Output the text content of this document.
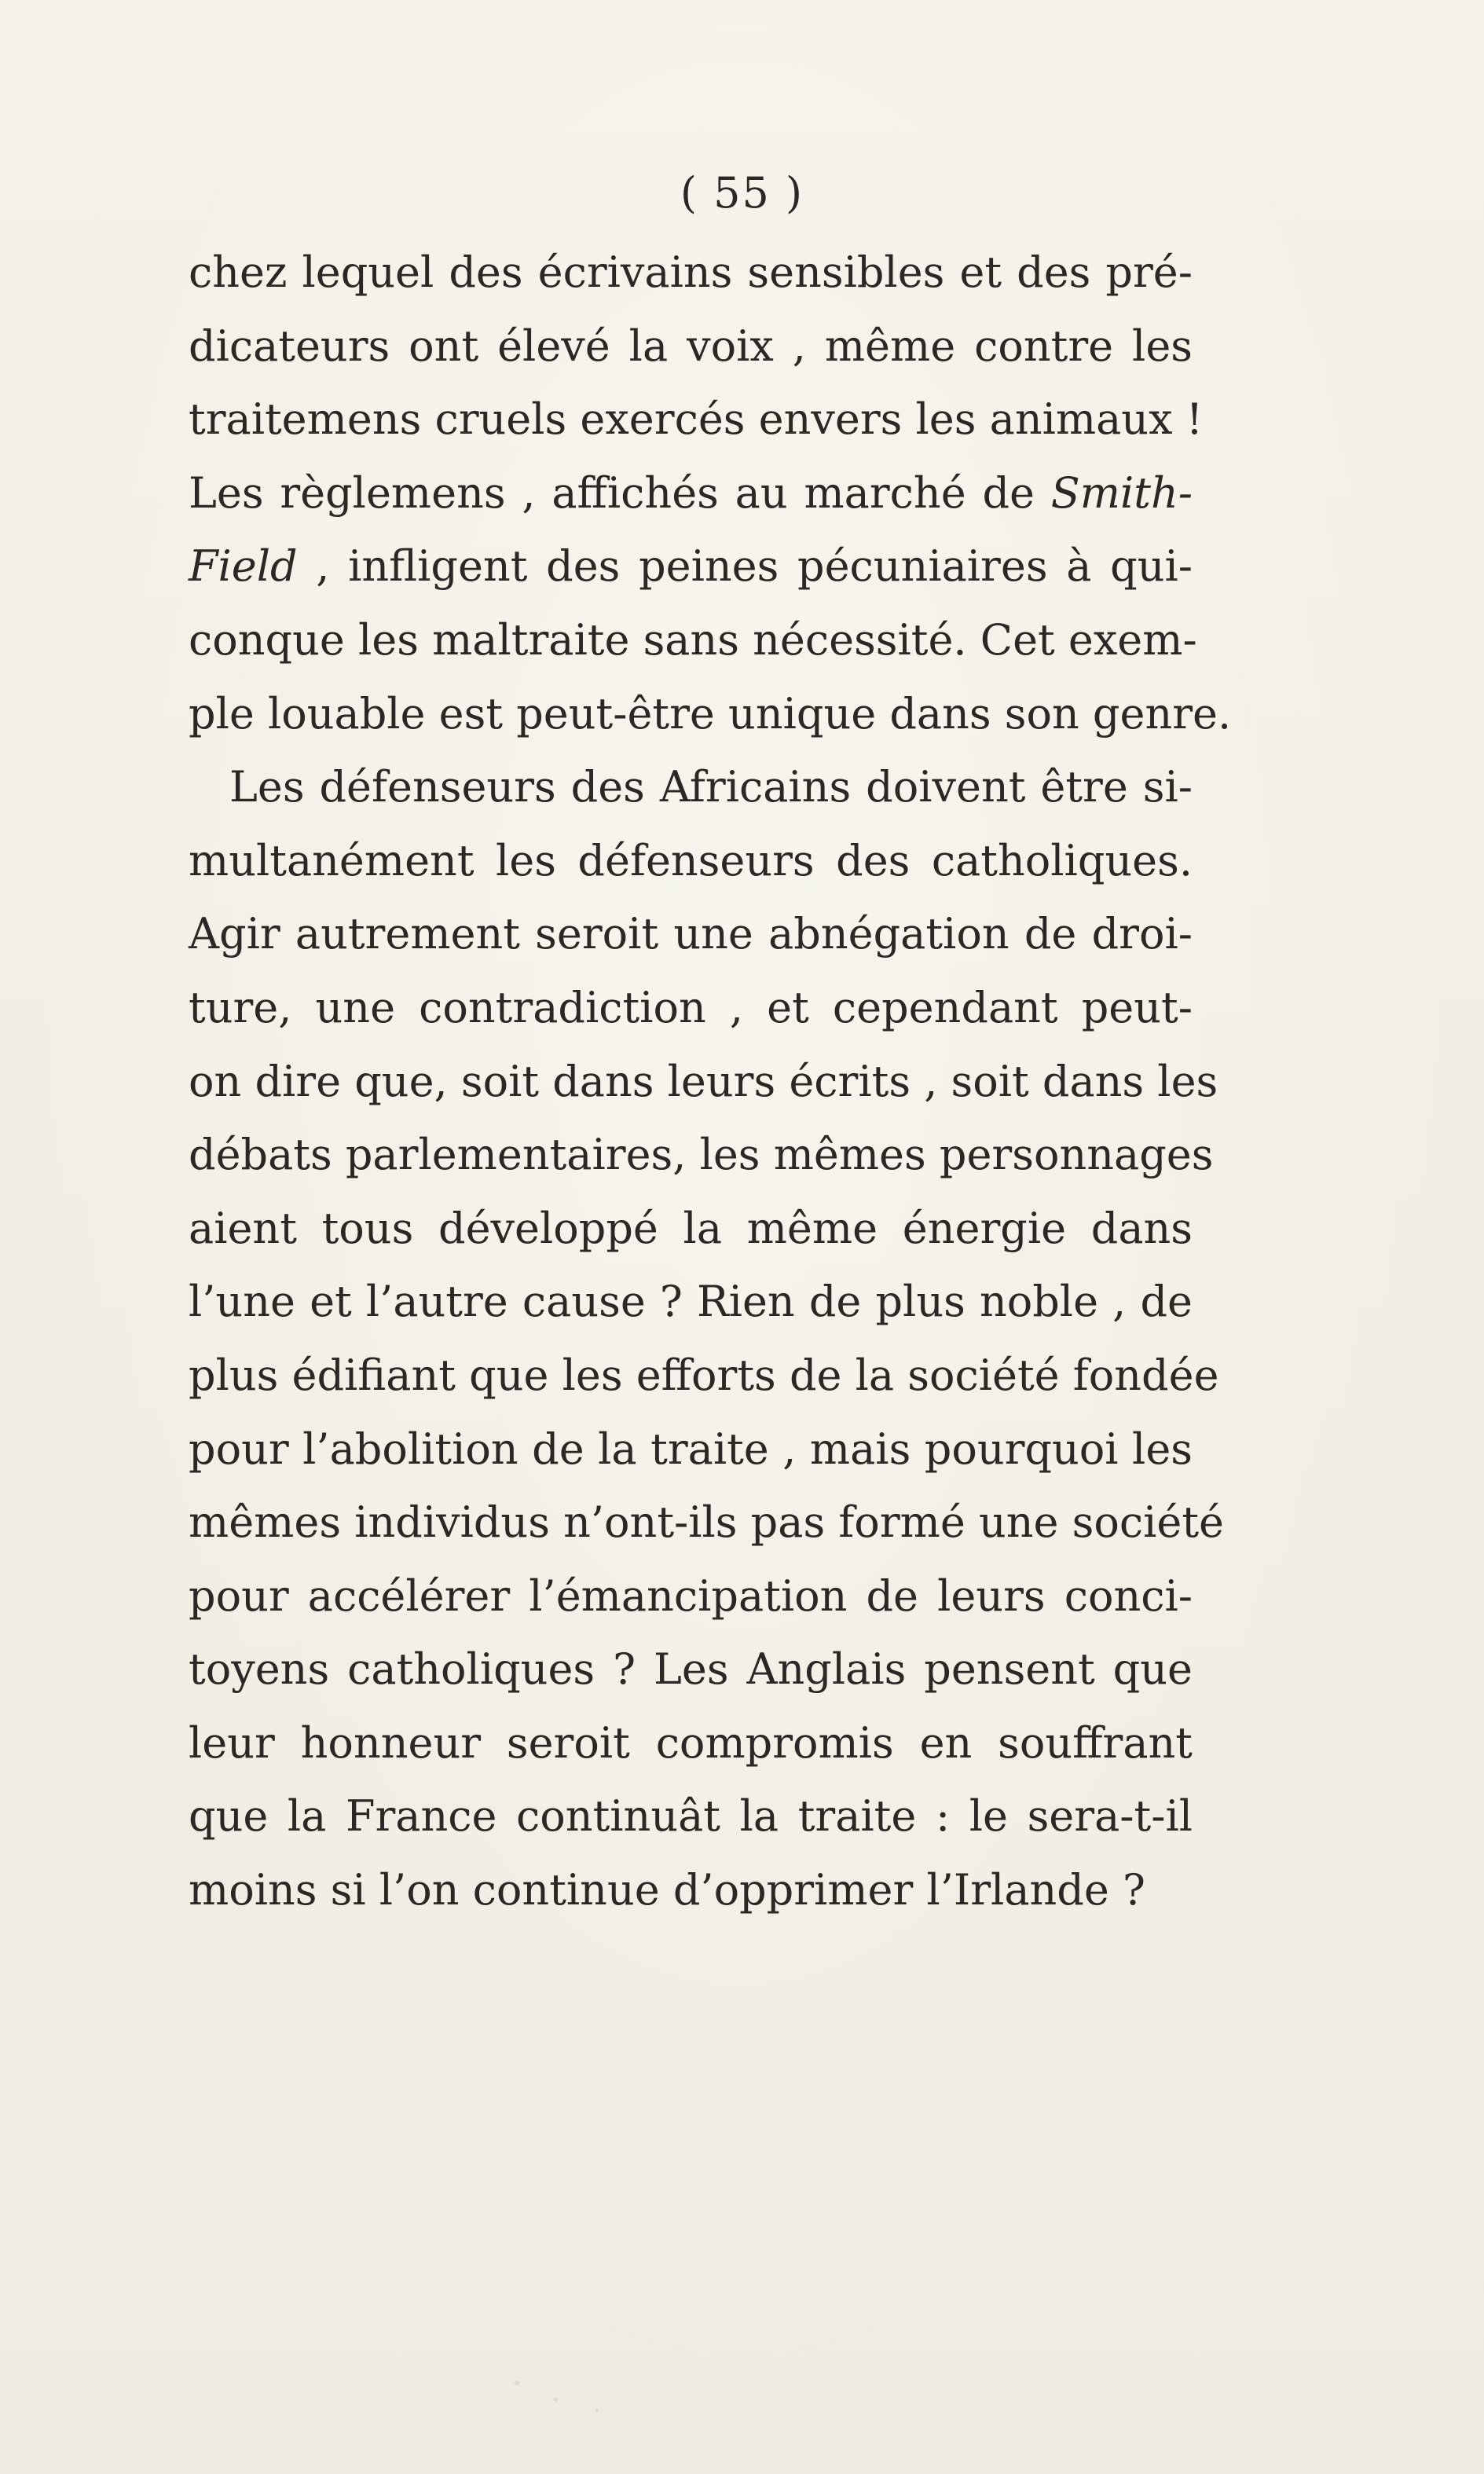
( 55 )
chez lequel des écrivains sensibles et des pré-
dicateurs ont élevé la voix , même contre les
traitemens cruels exercés envers les animaux !
Les règlemens , affichés au marché de Smith-
Field , infligent des peines pécuniaires à qui-
conque les maltraite sans nécessité. Cet exem-
ple louable est peut-être unique dans son genre.
Les défenseurs des Africains doivent être si-
multanément les défenseurs des catholiques.
Agir autrement seroit une abnégation de droi-
ture, une contradiction , et cependant peut-
on dire que, soit dans leurs écrits , soit dans les
débats parlementaires, les mêmes personnages
aient tous développé la même énergie dans
l’une et l’autre cause ? Rien de plus noble , de
plus édifiant que les efforts de la société fondée
pour l’abolition de la traite , mais pourquoi les
mêmes individus n’ont-ils pas formé une société
pour accélérer l’émancipation de leurs conci-
toyens catholiques ? Les Anglais pensent que
leur honneur seroit compromis en souffrant
que la France continuât la traite : le sera-t-il
moins si l’on continue d’opprimer l’Irlande ?
